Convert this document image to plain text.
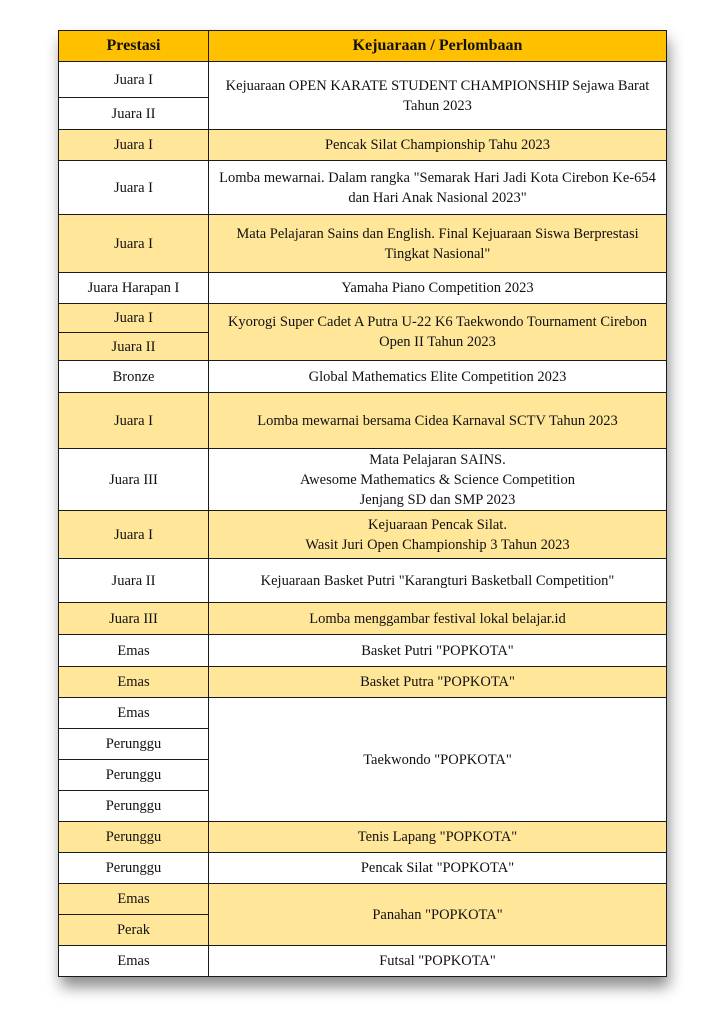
Prestasi	Kejuaraan / Perlombaan
Juara I	Kejuaraan OPEN KARATE STUDENT CHAMPIONSHIP Sejawa Barat Tahun 2023
Juara II	
Juara I	Pencak Silat Championship Tahu 2023
Juara I	Lomba mewarnai. Dalam rangka "Semarak Hari Jadi Kota Cirebon Ke-654 dan Hari Anak Nasional 2023"
Juara I	Mata Pelajaran Sains dan English. Final Kejuaraan Siswa Berprestasi Tingkat Nasional"
Juara Harapan I	Yamaha Piano Competition 2023
Juara I	Kyorogi Super Cadet A Putra U-22 K6 Taekwondo Tournament Cirebon Open II Tahun 2023
Juara II	
Bronze	Global Mathematics Elite Competition 2023
Juara I	Lomba mewarnai bersama Cidea Karnaval SCTV Tahun 2023
Juara III	Mata Pelajaran SAINS.
Awesome Mathematics & Science Competition
Jenjang SD dan SMP 2023
Juara I	Kejuaraan Pencak Silat.
Wasit Juri Open Championship 3 Tahun 2023
Juara II	Kejuaraan Basket Putri "Karangturi Basketball Competition"
Juara III	Lomba menggambar festival lokal belajar.id
Emas	Basket Putri "POPKOTA"
Emas	Basket Putra "POPKOTA"
Emas	Taekwondo "POPKOTA"
Perunggu	
Perunggu	
Perunggu	
Perunggu	Tenis Lapang "POPKOTA"
Perunggu	Pencak Silat "POPKOTA"
Emas	Panahan "POPKOTA"
Perak	
Emas	Futsal "POPKOTA"
